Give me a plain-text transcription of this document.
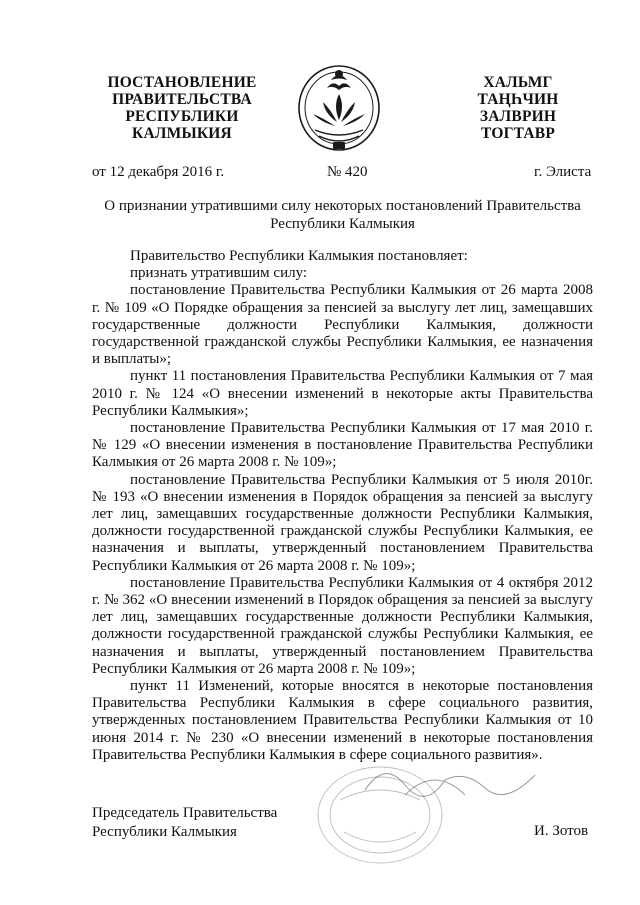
ПОСТАНОВЛЕНИЕ
ПРАВИТЕЛЬСТВА
РЕСПУБЛИКИ
КАЛМЫКИЯ
ХАЛЬМГ
ТАҢҺЧИН
ЗАЛВРИН
ТОГТАВР
от 12 декабря 2016 г.	№ 420	г. Элиста
О признании утратившими силу некоторых постановлений Правительства Республики Калмыкия

Правительство Республики Калмыкия постановляет:

признать утратившим силу:

постановление Правительства Республики Калмыкия от 26 марта 2008 г. № 109 «О Порядке обращения за пенсией за выслугу лет лиц, замещавших государственные должности Республики Калмыкия, должности государственной гражданской службы Республики Калмыкия, ее назначения и выплаты»;

пункт 11 постановления Правительства Республики Калмыкия от 7 мая 2010 г. № 124 «О внесении изменений в некоторые акты Правительства Республики Калмыкия»;

постановление Правительства Республики Калмыкия от 17 мая 2010 г. № 129 «О внесении изменения в постановление Правительства Республики Калмыкия от 26 марта 2008 г. № 109»;

постановление Правительства Республики Калмыкия от 5 июля 2010г. № 193 «О внесении изменения в Порядок обращения за пенсией за выслугу лет лиц, замещавших государственные должности Республики Калмыкия, должности государственной гражданской службы Республики Калмыкия, ее назначения и выплаты, утвержденный постановлением Правительства Республики Калмыкия от 26 марта 2008 г. № 109»;

постановление Правительства Республики Калмыкия от 4 октября 2012 г. № 362 «О внесении изменений в Порядок обращения за пенсией за выслугу лет лиц, замещавших государственные должности Республики Калмыкия, должности государственной гражданской службы Республики Калмыкия, ее назначения и выплаты, утвержденный постановлением Правительства Республики Калмыкия от 26 марта 2008 г. № 109»;

пункт 11 Изменений, которые вносятся в некоторые постановления Правительства Республики Калмыкия в сфере социального развития, утвержденных постановлением Правительства Республики Калмыкия от 10 июня 2014 г. № 230 «О внесении изменений в некоторые постановления Правительства Республики Калмыкия в сфере социального развития».

Председатель Правительства
Республики Калмыкия	И. Зотов
